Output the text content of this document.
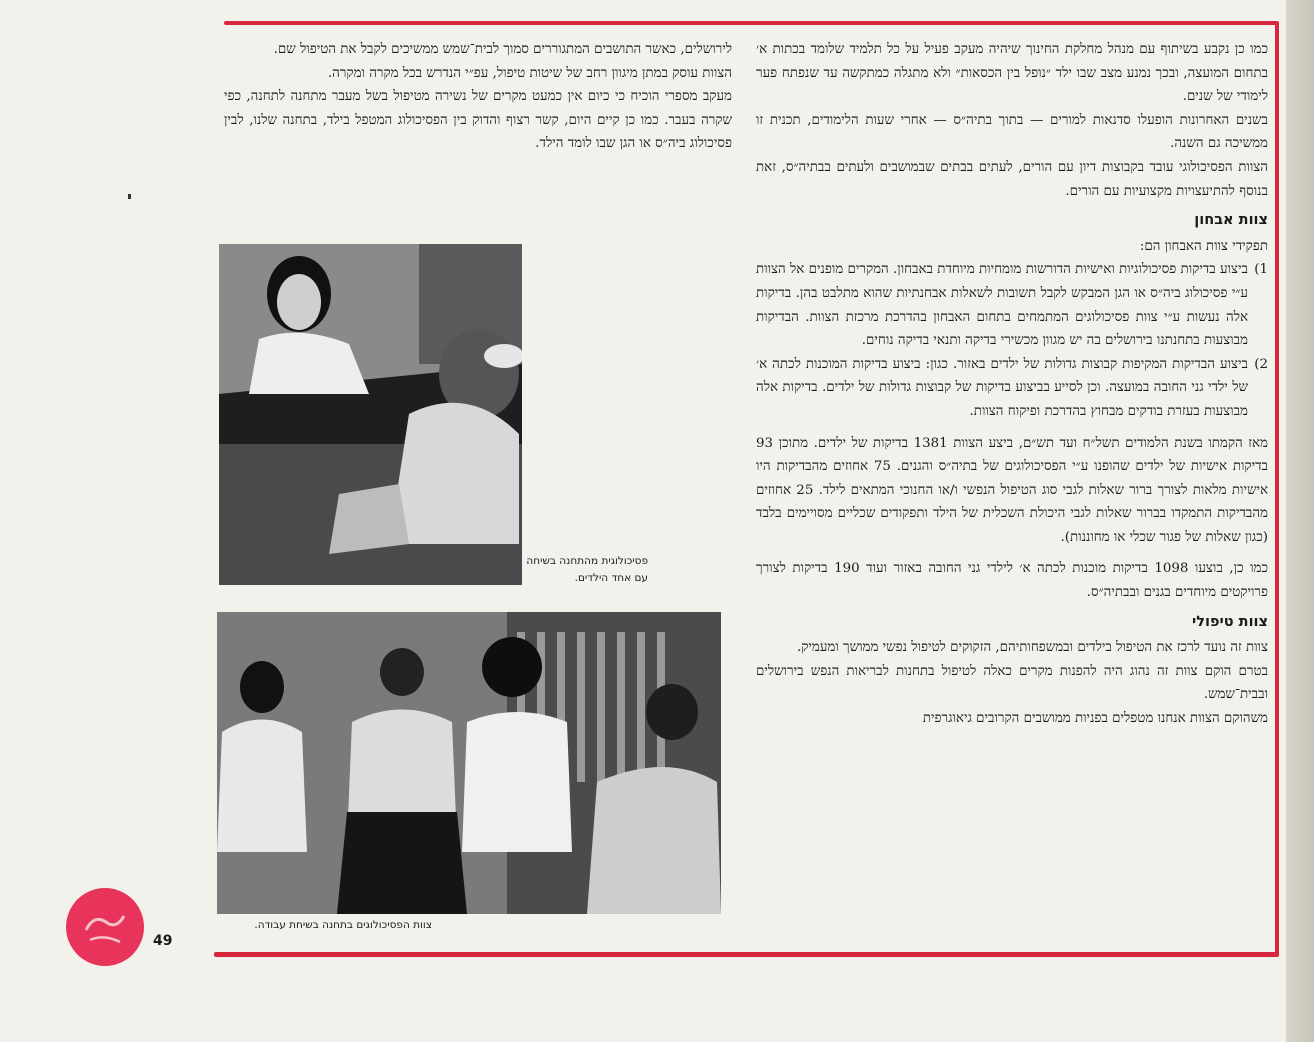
כמו כן נקבע בשיתוף עם מנהל מחלקת החינוך שיהיה מעקב פעיל על כל תלמיד שלומד בכתות א׳ בתחום המועצה, ובכך נמנע מצב שבו ילד ״נופל בין הכסאות״ ולא מתגלה כמתקשה עד שנפתח פער לימודי של שנים.

בשנים האחרונות הופעלו סדנאות למורים — בתוך בתיה״ס — אחרי שעות הלימודים, תכנית זו ממשיכה גם השנה.

הצוות הפסיכולוגי עובד בקבוצות דיון עם הורים, לעתים בבתים שבמושבים ולעתים בבתיה״ס, זאת בנוסף להתיעצויות מקצועיות עם הורים.

צוות אבחון

תפקידי צוות האבחון הם:

1)
ביצוע בדיקות פסיכולוגיות ואישיות הדורשות מומחיות מיוחדת באבחון. המקרים מופנים אל הצוות ע״י פסיכולוג ביה״ס או הגן המבקש לקבל תשובות לשאלות אבחנתיות שהוא מתלבט בהן. בדיקות אלה נעשות ע״י צוות פסיכולוגים המתמחים בתחום האבחון בהדרכת מרכזת הצוות. הבדיקות מבוצעות בתחנתנו בירושלים בה יש מגוון מכשירי בדיקה ותנאי בדיקה נוחים.
2)
ביצוע הבדיקות המקיפות קבוצות גדולות של ילדים באזור. כגון: ביצוע בדיקות המוכנות לכתה א׳ של ילדי גני החובה במועצה. וכן לסייע בביצוע בדיקות של קבוצות גדולות של ילדים. בדיקות אלה מבוצעות בעזרת בודקים מבחוץ בהדרכת ופיקוח הצוות.

מאז הקמתו בשנת הלמודים תשל״ח ועד תש״ם, ביצע הצוות 1381 בדיקות של ילדים. מתוכן 93 בדיקות אישיות של ילדים שהופנו ע״י הפסיכולוגים של בתיה״ס והגנים. 75 אחוזים מהבדיקות היו אישיות מלאות לצורך ברור שאלות לגבי סוג הטיפול הנפשי ו/או החנוכי המתאים לילד. 25 אחוזים מהבדיקות התמקדו בברור שאלות לגבי היכולת השכלית של הילד ותפקודים שכליים מסויימים בלבד (כגון שאלות של פגור שכלי או מחוננות).

כמו כן, בוצעו 1098 בדיקות מוכנות לכתה א׳ לילדי גני החובה באזור ועוד 190 בדיקות לצורך פרויקטים מיוחדים בגנים ובבתיה״ס.

צוות טיפולי

צוות זה נועד לרכז את הטיפול בילדים ובמשפחותיהם, הזקוקים לטיפול נפשי ממושך ומעמיק.

בטרם הוקם צוות זה נהוג היה להפנות מקרים כאלה לטיפול בתחנות לבריאות הנפש בירושלים ובבית־שמש.

משהוקם הצוות אנחנו מטפלים בפניות ממושבים הקרובים גיאוגרפית

לירושלים, כאשר התושבים המתגוררים סמוך לבית־שמש ממשיכים לקבל את הטיפול שם.

הצוות עוסק במתן מיגוון רחב של שיטות טיפול, עפ״י הנדרש בכל מקרה ומקרה.

מעקב מספרי הוכיח כי כיום אין כמעט מקרים של נשירה מטיפול בשל מעבר מתחנה לתחנה, כפי שקרה בעבר. כמו כן קיים היום, קשר רצוף והדוק בין הפסיכולוג המטפל בילד, בתחנה שלנו, לבין פסיכולוג ביה״ס או הגן שבו לומד הילד.

פסיכולוגית מהתחנה בשיחה עם אחד הילדים.
צוות הפסיכולוגים בתחנה בשיחת עבודה.
49
